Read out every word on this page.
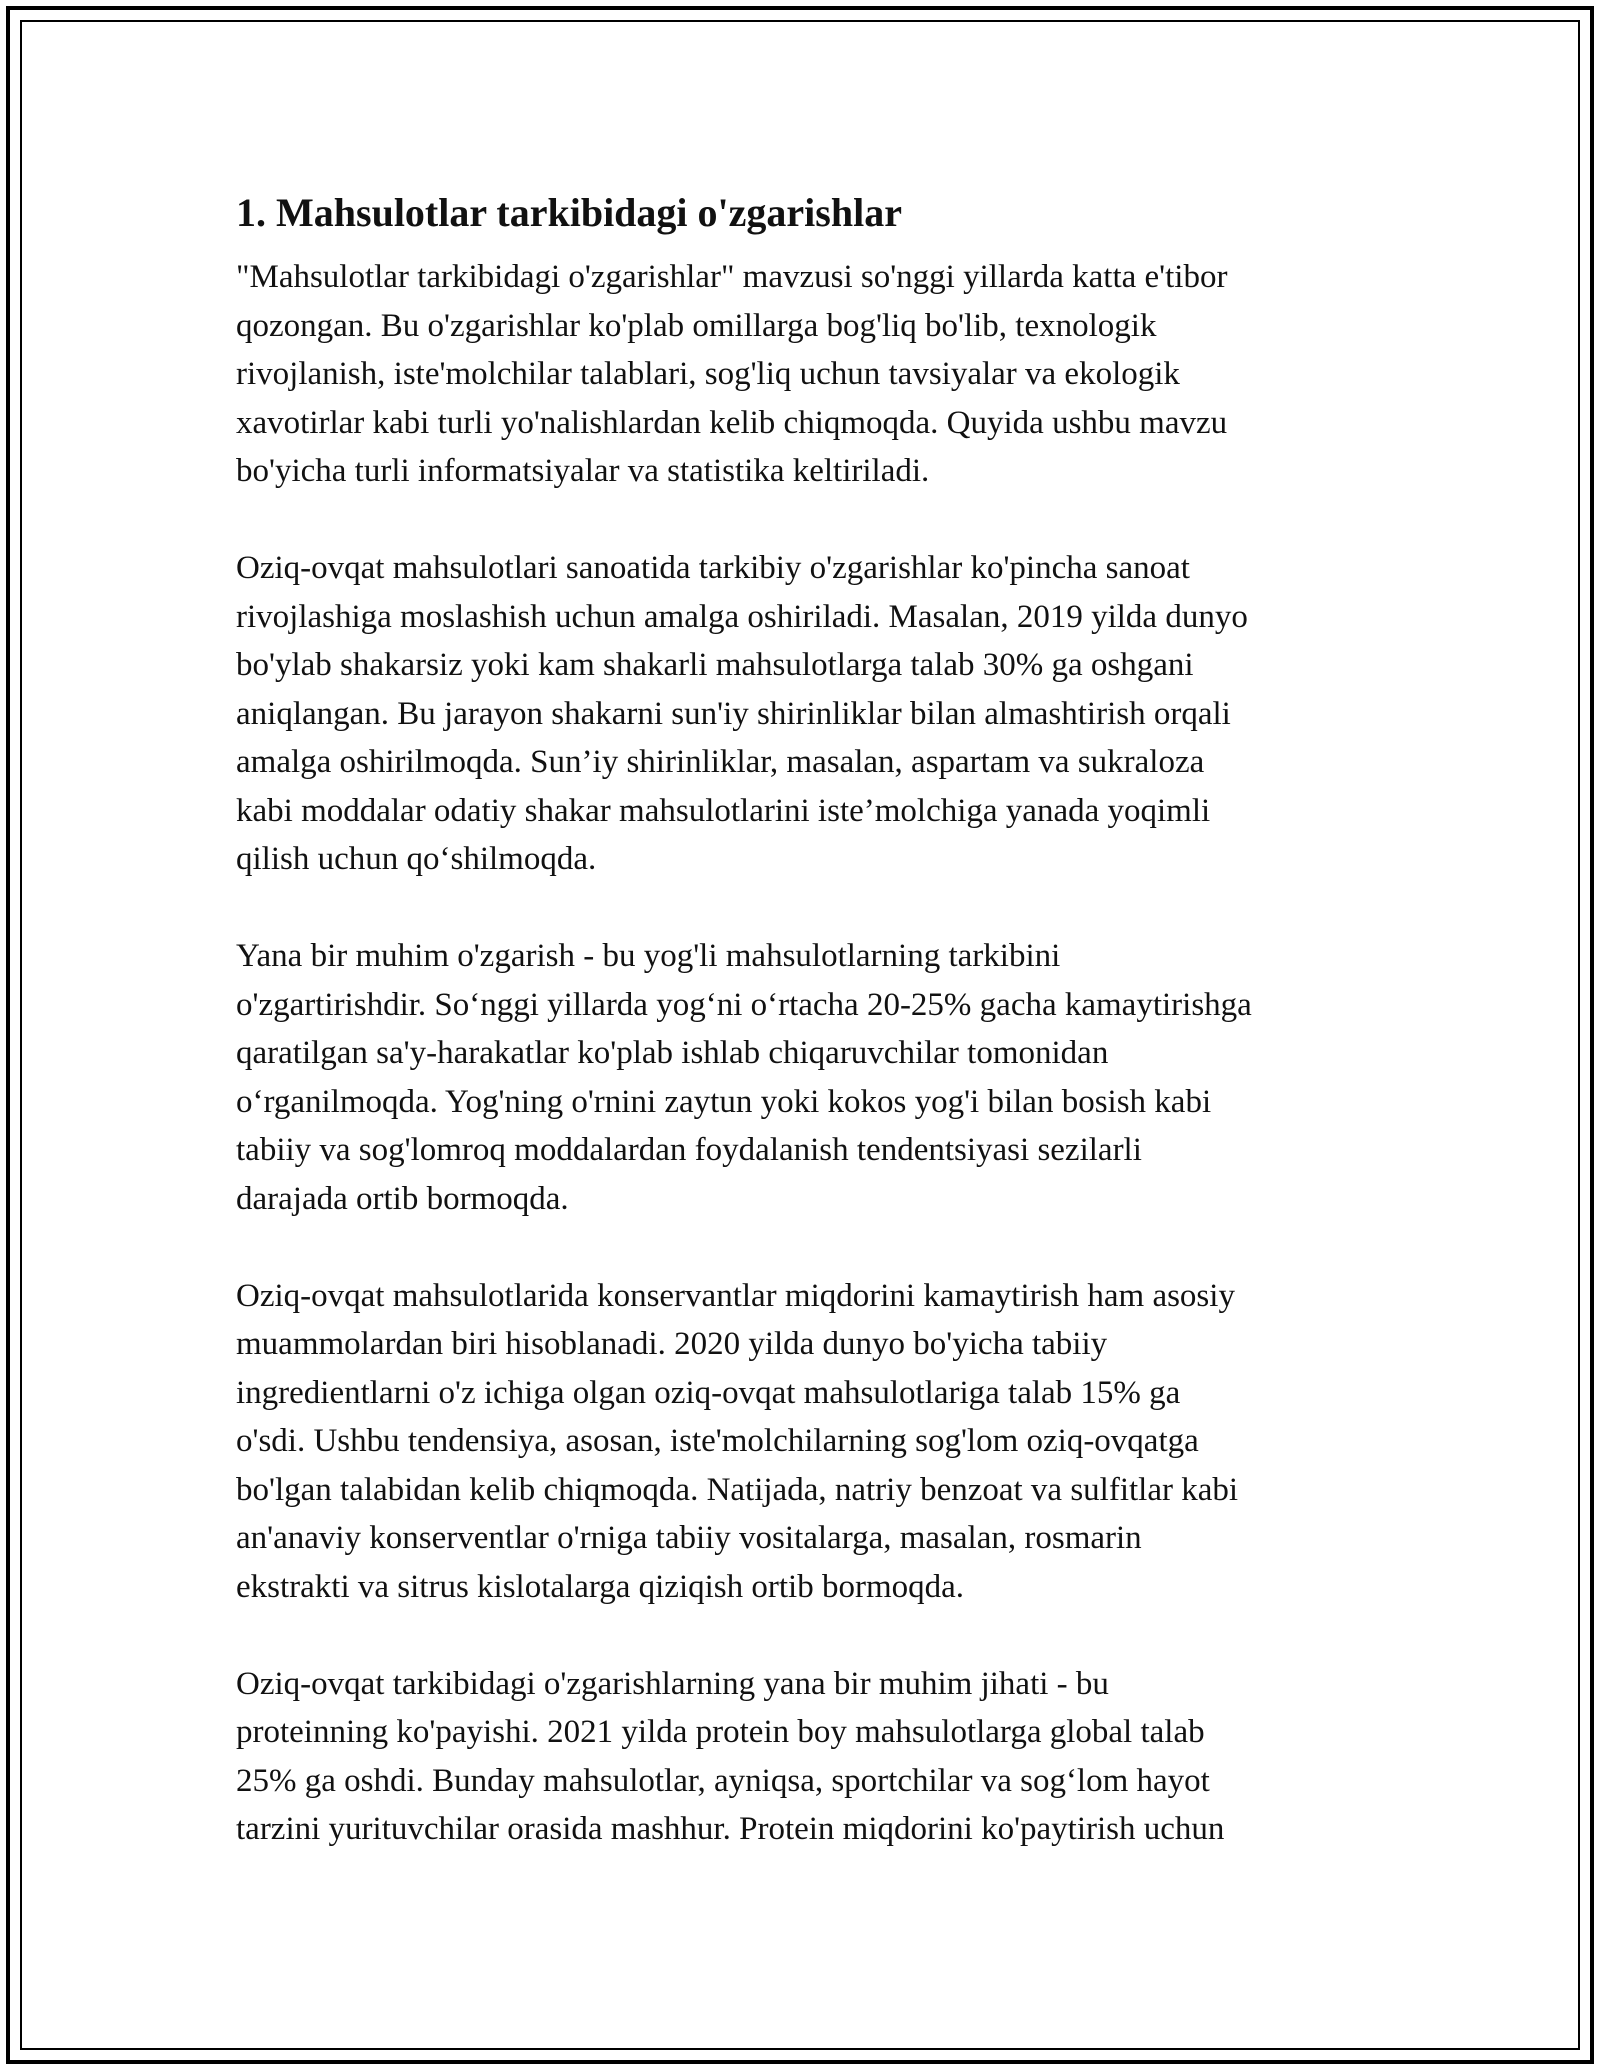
1. Mahsulotlar tarkibidagi o'zgarishlar

"Mahsulotlar tarkibidagi o'zgarishlar" mavzusi so'nggi yillarda katta e'tibor
qozongan. Bu o'zgarishlar ko'plab omillarga bog'liq bo'lib, texnologik
rivojlanish, iste'molchilar talablari, sog'liq uchun tavsiyalar va ekologik
xavotirlar kabi turli yo'nalishlardan kelib chiqmoqda. Quyida ushbu mavzu
bo'yicha turli informatsiyalar va statistika keltiriladi.

Oziq-ovqat mahsulotlari sanoatida tarkibiy o'zgarishlar ko'pincha sanoat
rivojlashiga moslashish uchun amalga oshiriladi. Masalan, 2019 yilda dunyo
bo'ylab shakarsiz yoki kam shakarli mahsulotlarga talab 30% ga oshgani
aniqlangan. Bu jarayon shakarni sun'iy shirinliklar bilan almashtirish orqali
amalga oshirilmoqda. Sun’iy shirinliklar, masalan, aspartam va sukraloza
kabi moddalar odatiy shakar mahsulotlarini iste’molchiga yanada yoqimli
qilish uchun qo‘shilmoqda.

Yana bir muhim o'zgarish - bu yog'li mahsulotlarning tarkibini
o'zgartirishdir. So‘nggi yillarda yog‘ni o‘rtacha 20-25% gacha kamaytirishga
qaratilgan sa'y-harakatlar ko'plab ishlab chiqaruvchilar tomonidan
o‘rganilmoqda. Yog'ning o'rnini zaytun yoki kokos yog'i bilan bosish kabi
tabiiy va sog'lomroq moddalardan foydalanish tendentsiyasi sezilarli
darajada ortib bormoqda.

Oziq-ovqat mahsulotlarida konservantlar miqdorini kamaytirish ham asosiy
muammolardan biri hisoblanadi. 2020 yilda dunyo bo'yicha tabiiy
ingredientlarni o'z ichiga olgan oziq-ovqat mahsulotlariga talab 15% ga
o'sdi. Ushbu tendensiya, asosan, iste'molchilarning sog'lom oziq-ovqatga
bo'lgan talabidan kelib chiqmoqda. Natijada, natriy benzoat va sulfitlar kabi
an'anaviy konserventlar o'rniga tabiiy vositalarga, masalan, rosmarin
ekstrakti va sitrus kislotalarga qiziqish ortib bormoqda.

Oziq-ovqat tarkibidagi o'zgarishlarning yana bir muhim jihati - bu
proteinning ko'payishi. 2021 yilda protein boy mahsulotlarga global talab
25% ga oshdi. Bunday mahsulotlar, ayniqsa, sportchilar va sog‘lom hayot
tarzini yurituvchilar orasida mashhur. Protein miqdorini ko'paytirish uchun
